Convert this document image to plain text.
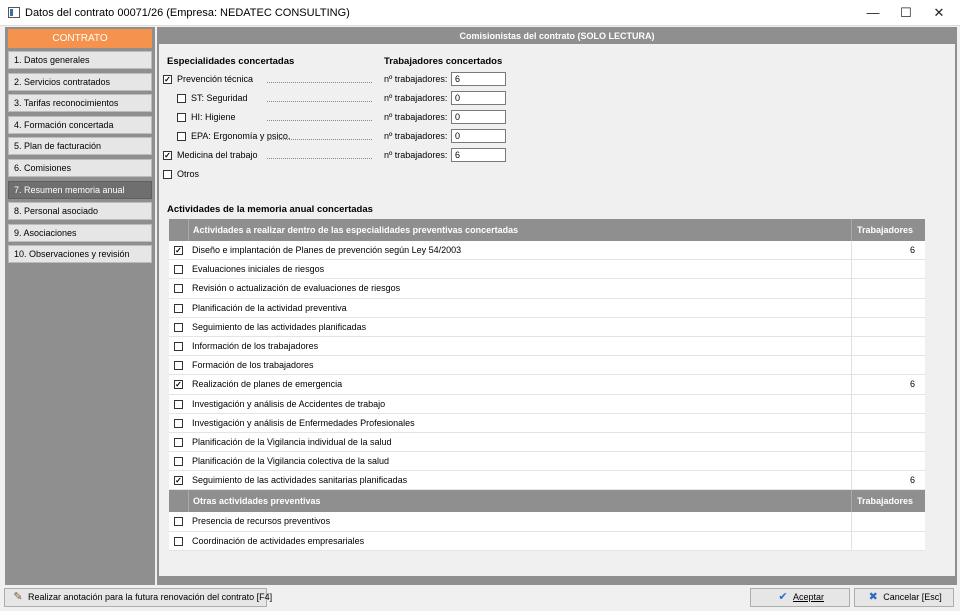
Datos del contrato 00071/26 (Empresa: NEDATEC CONSULTING)	—	☐	✕
CONTRATO
1. Datos generales
2. Servicios contratados
3. Tarifas reconocimientos
4. Formación concertada
5. Plan de facturación
6. Comisiones
7. Resumen memoria anual
8. Personal asociado
9. Asociaciones
10. Observaciones y revisión
Comisionistas del contrato (SOLO LECTURA)
Especialidades concertadas	Trabajadores concertados
✓ Prevención técnica	nº trabajadores: 6
ST: Seguridad	nº trabajadores: 0
HI: Higiene	nº trabajadores: 0
EPA: Ergonomía y psico.	nº trabajadores: 0
✓ Medicina del trabajo	nº trabajadores: 6
Otros
Actividades de la memoria anual concertadas
Actividades a realizar dentro de las especialidades preventivas concertadas	Trabajadores
✓ Diseño e implantación de Planes de prevención según Ley 54/2003	6
Evaluaciones iniciales de riesgos
Revisión o actualización de evaluaciones de riesgos
Planificación de la actividad preventiva
Seguimiento de las actividades planificadas
Información de los trabajadores
Formación de los trabajadores
✓ Realización de planes de emergencia	6
Investigación y análisis de Accidentes de trabajo
Investigación y análisis de Enfermedades Profesionales
Planificación de la Vigilancia individual de la salud
Planificación de la Vigilancia colectiva de la salud
✓ Seguimiento de las actividades sanitarias planificadas	6
Otras actividades preventivas	Trabajadores
Presencia de recursos preventivos
Coordinación de actividades empresariales
✎ Realizar anotación para la futura renovación del contrato [F4]	✔ Aceptar	✖ Cancelar [Esc]
